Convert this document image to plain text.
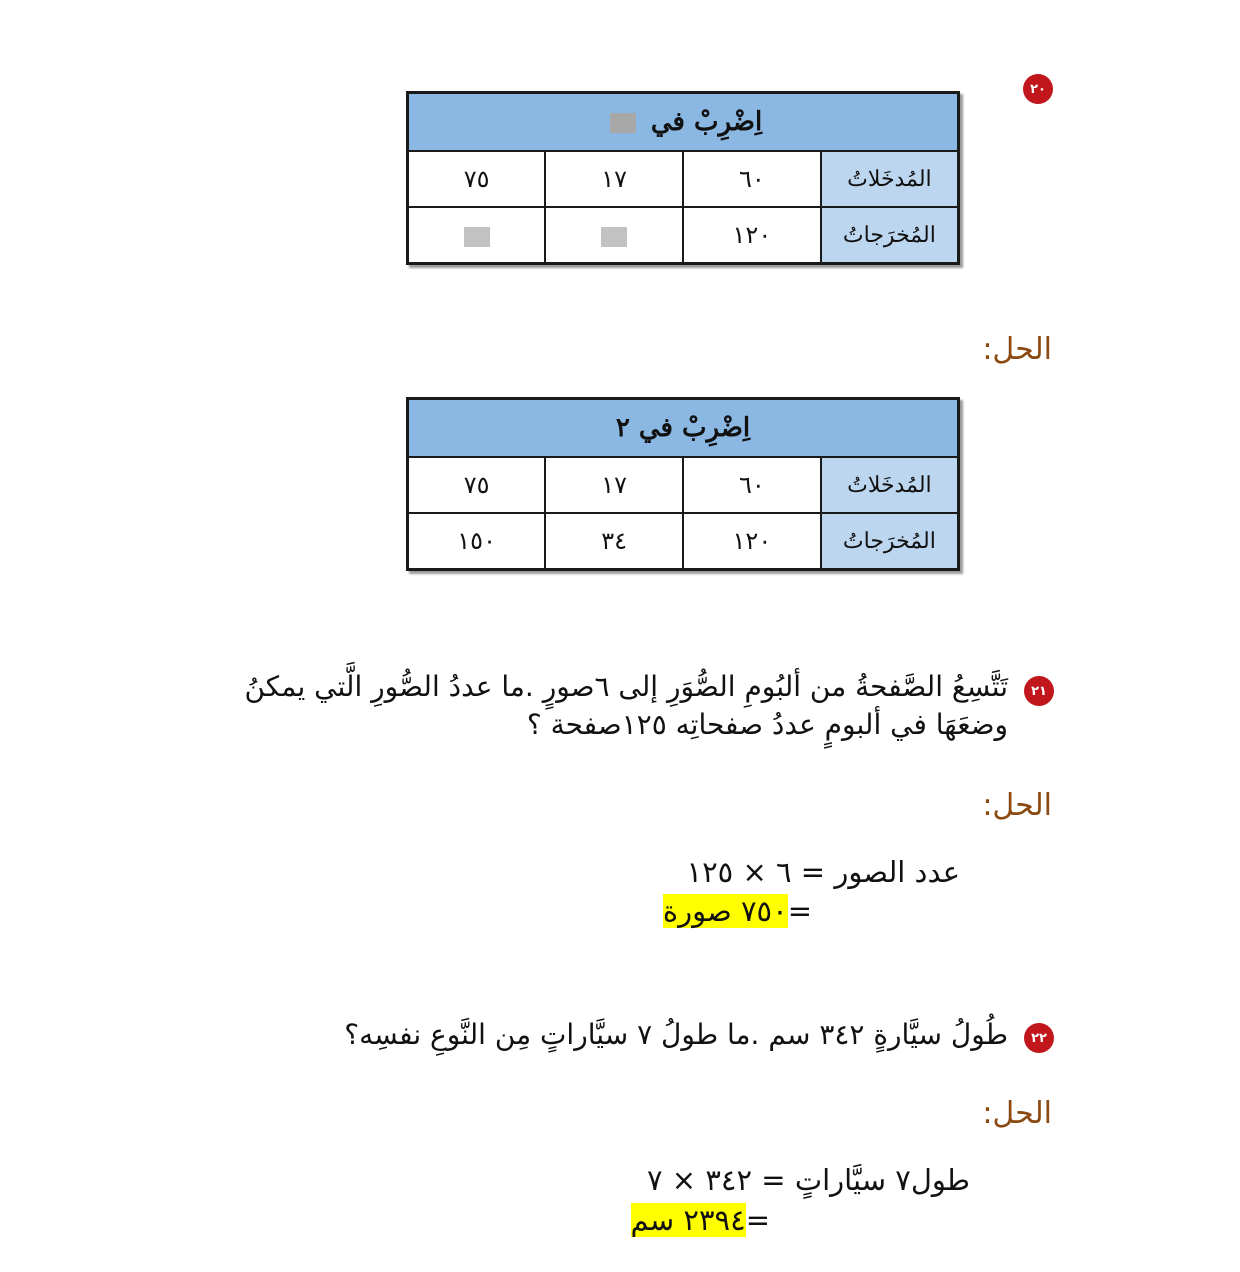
٢٠
اِضْرِبْ في			
المُدخَلاتُ	٦٠	١٧	٧٥
المُخرَجاتُ	١٢٠		
الحل:
اِضْرِبْ في ٢			
المُدخَلاتُ	٦٠	١٧	٧٥
المُخرَجاتُ	١٢٠	٣٤	١٥٠
٢١
تَتَّسِعُ الصَّفحةُ من ألبُومِ الصُّوَرِ إلى ٦صورٍ .ما عددُ الصُّورِ الَّتي يمكنُ
وضعَهَا في ألبومٍ عددُ صفحاتِه ١٢٥صفحة ؟
الحل:
عدد الصور = ٦ × ١٢٥
=٧٥٠ صورة
٢٢
طُولُ سيَّارةٍ ٣٤٢ سم .ما طولُ ٧ سيَّاراتٍ مِن النَّوعِ نفسِه؟
الحل:
طول٧ سيَّاراتٍ = ٣٤٢ × ٧
=٢٣٩٤ سم
